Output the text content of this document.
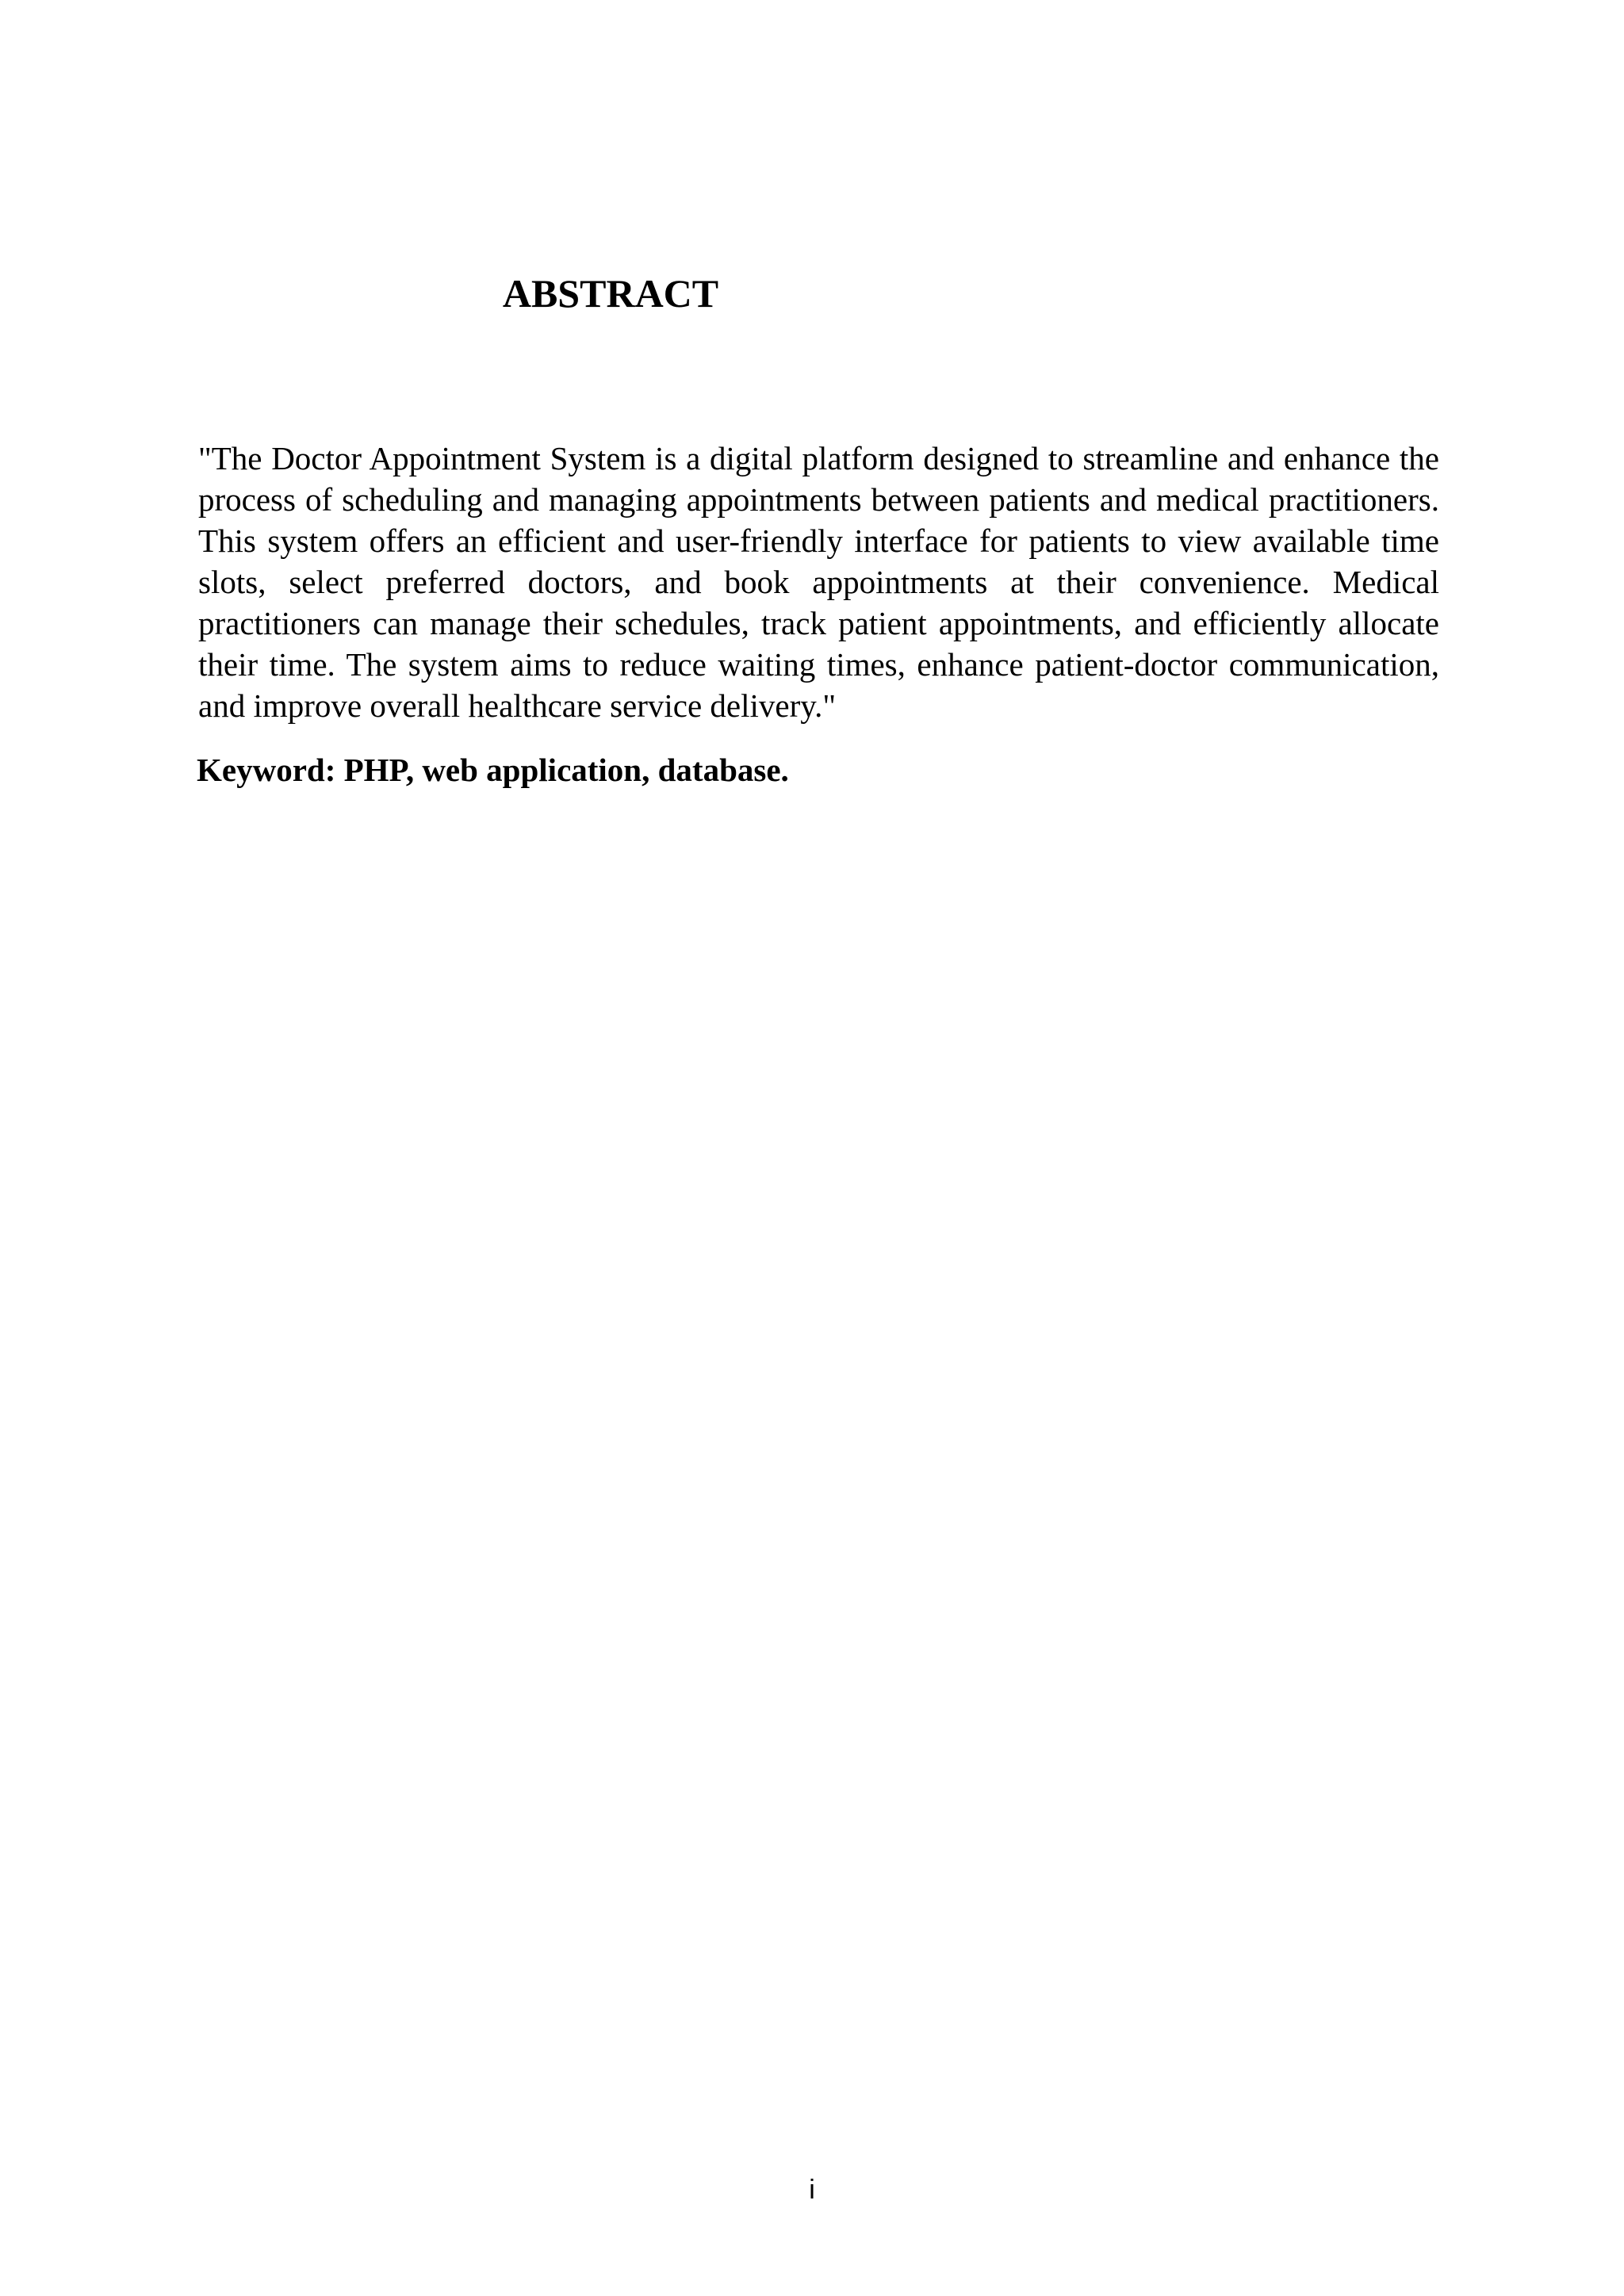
ABSTRACT

"The Doctor Appointment System is a digital platform designed to streamline and enhance the process of scheduling and managing appointments between patients and medical practitioners. This system offers an efficient and user-friendly interface for patients to view available time slots, select preferred doctors, and book appointments at their convenience. Medical practitioners can manage their schedules, track patient appointments, and efficiently allocate their time. The system aims to reduce waiting times, enhance patient-doctor communication, and improve overall healthcare service delivery."

Keyword: PHP, web application, database.

i
